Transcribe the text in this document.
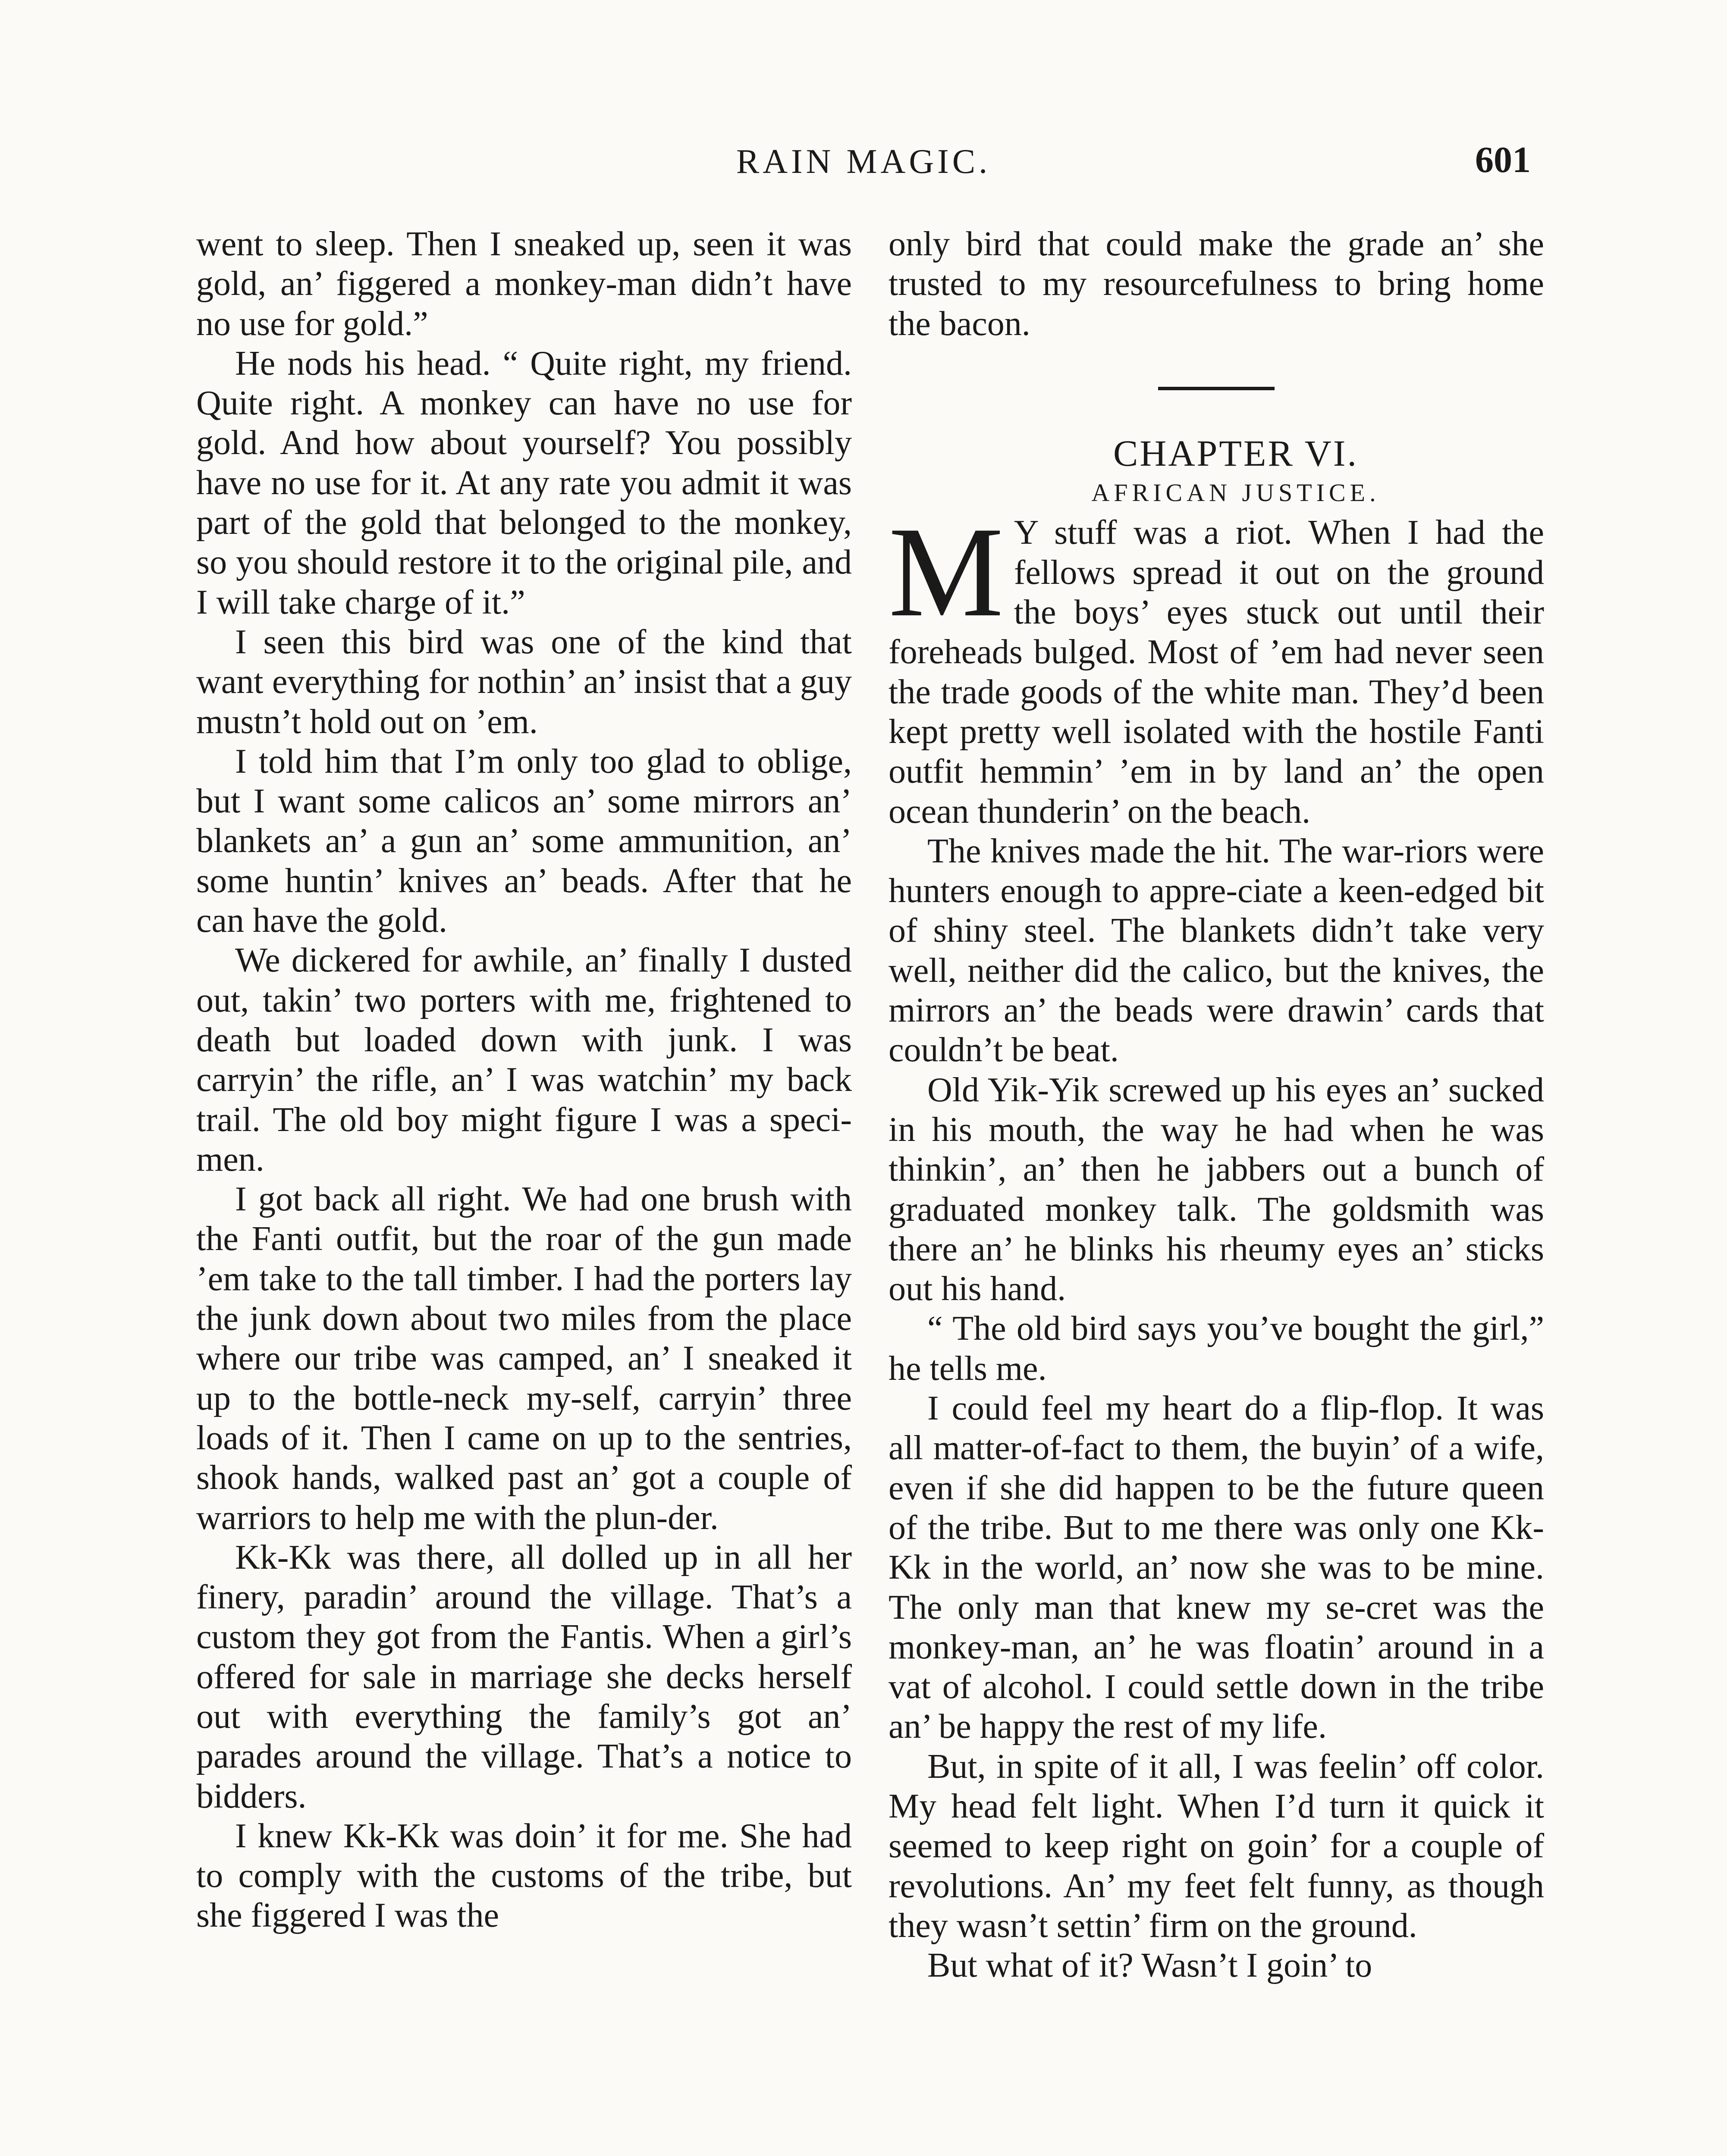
RAIN MAGIC.	601

went to sleep. Then I sneaked up, seen it was gold, an’ figgered a monkey-man didn’t have no use for gold.”

He nods his head. “ Quite right, my friend. Quite right. A monkey can have no use for gold. And how about yourself? You possibly have no use for it. At any rate you admit it was part of the gold that belonged to the monkey, so you should restore it to the original pile, and I will take charge of it.”

I seen this bird was one of the kind that want everything for nothin’ an’ insist that a guy mustn’t hold out on ’em.

I told him that I’m only too glad to oblige, but I want some calicos an’ some mirrors an’ blankets an’ a gun an’ some ammunition, an’ some huntin’ knives an’ beads. After that he can have the gold.

We dickered for awhile, an’ finally I dusted out, takin’ two porters with me, frightened to death but loaded down with junk. I was carryin’ the rifle, an’ I was watchin’ my back trail. The old boy might figure I was a speci-men.

I got back all right. We had one brush with the Fanti outfit, but the roar of the gun made ’em take to the tall timber. I had the porters lay the junk down about two miles from the place where our tribe was camped, an’ I sneaked it up to the bottle-neck my-self, carryin’ three loads of it. Then I came on up to the sentries, shook hands, walked past an’ got a couple of warriors to help me with the plun-der.

Kk-Kk was there, all dolled up in all her finery, paradin’ around the village. That’s a custom they got from the Fantis. When a girl’s offered for sale in marriage she decks herself out with everything the family’s got an’ parades around the village. That’s a notice to bidders.

I knew Kk-Kk was doin’ it for me. She had to comply with the customs of the tribe, but she figgered I was the

only bird that could make the grade an’ she trusted to my resourcefulness to bring home the bacon.

CHAPTER VI.

AFRICAN JUSTICE.

M Y stuff was a riot. When I had the fellows spread it out on the ground the boys’ eyes stuck out until their foreheads bulged. Most of ’em had never seen the trade goods of the white man. They’d been kept pretty well isolated with the hostile Fanti outfit hemmin’ ’em in by land an’ the open ocean thunderin’ on the beach.

The knives made the hit. The war-riors were hunters enough to appre-ciate a keen-edged bit of shiny steel. The blankets didn’t take very well, neither did the calico, but the knives, the mirrors an’ the beads were drawin’ cards that couldn’t be beat.

Old Yik-Yik screwed up his eyes an’ sucked in his mouth, the way he had when he was thinkin’, an’ then he jabbers out a bunch of graduated monkey talk. The goldsmith was there an’ he blinks his rheumy eyes an’ sticks out his hand.

“ The old bird says you’ve bought the girl,” he tells me.

I could feel my heart do a flip-flop. It was all matter-of-fact to them, the buyin’ of a wife, even if she did happen to be the future queen of the tribe. But to me there was only one Kk-Kk in the world, an’ now she was to be mine. The only man that knew my se-cret was the monkey-man, an’ he was floatin’ around in a vat of alcohol. I could settle down in the tribe an’ be happy the rest of my life.

But, in spite of it all, I was feelin’ off color. My head felt light. When I’d turn it quick it seemed to keep right on goin’ for a couple of revolutions. An’ my feet felt funny, as though they wasn’t settin’ firm on the ground.

But what of it? Wasn’t I goin’ to
